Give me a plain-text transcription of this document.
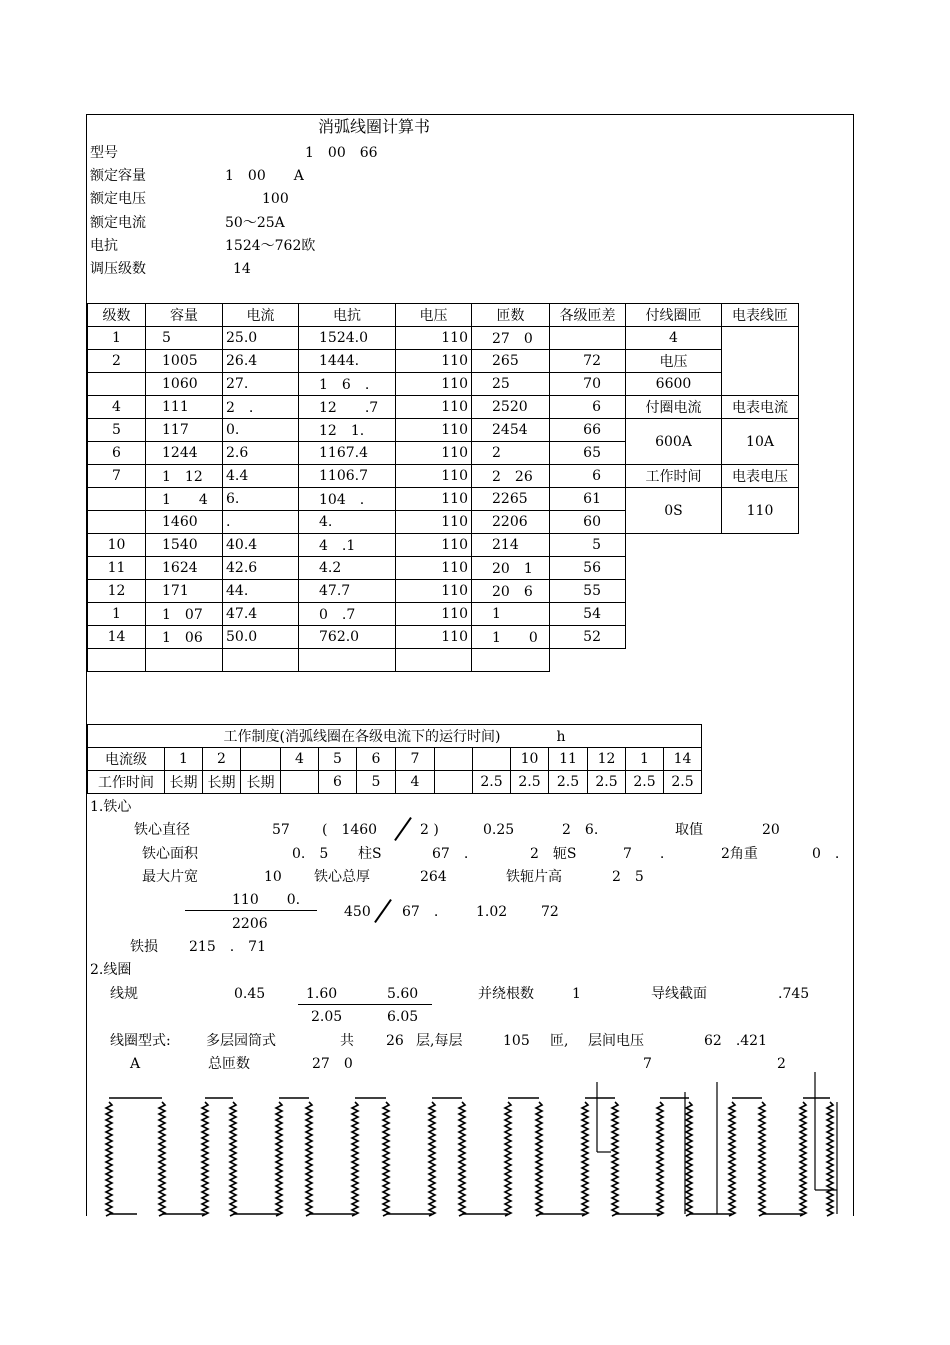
消弧线圈计算书
型号	1　00　66
额定容量	1　00　　A
额定电压	100
额定电流	50～25A
电抗	1524～762欧
调压级数	14
级数	容量	电流	电抗	电压	匝数	各级匝差	付线圈匝	电表线匝
1	5	25.0	1524.0	110	27　0		4	
2	1005	26.4	1444.	110	265	72	电压	
	1060	27.	1　6　.	110	25	70	6600	
4	111	2　.	12　　.7	110	2520	6	付圈电流	电表电流
5	117	0.	12　1.	110	2454	66	600A	10A
6	1244	2.6	1167.4	110	2	65		
7	1　12	4.4	1106.7	110	2　26	6	工作时间	电表电压
	1　　4	6.	104　.	110	2265	61	0S	110
	1460	.	4.	110	2206	60		
10	1540	40.4	4　.1	110	214	5		
11	1624	42.6	4.2	110	20　1	56		
12	171	44.	47.7	110	20　6	55		
1	1　07	47.4	0　.7	110	1	54		
14	1　06	50.0	762.0	110	1　　0	52		

工作制度(消弧线圈在各级电流下的运行时间)　　　　h														
电流级	1	2		4	5	6	7			10	11	12	1	14
工作时间	长期	长期	长期		6	5	4		2.5	2.5	2.5	2.5	2.5	2.5
1.铁心
铁心直径	57 (　1460	2 )	0.25	2　6.	取值	20
铁心面积	0.　5 柱S	67　.	2　轭S	7　　.	2角重	0　.
最大片宽	10 铁心总厚	264	铁轭片高	2　5
110　　0.
2206
450 67　.	1.02 72
铁损 215　.　71
2.线圈
线规	0.45	1.60	5.60
2.05	6.05
并绕根数	1	导线截面	.745
线圈型式:	多层园筒式	共 26 层,每层	105 匝, 层间电压	62　.421
A	总匝数	27　0	7	2
